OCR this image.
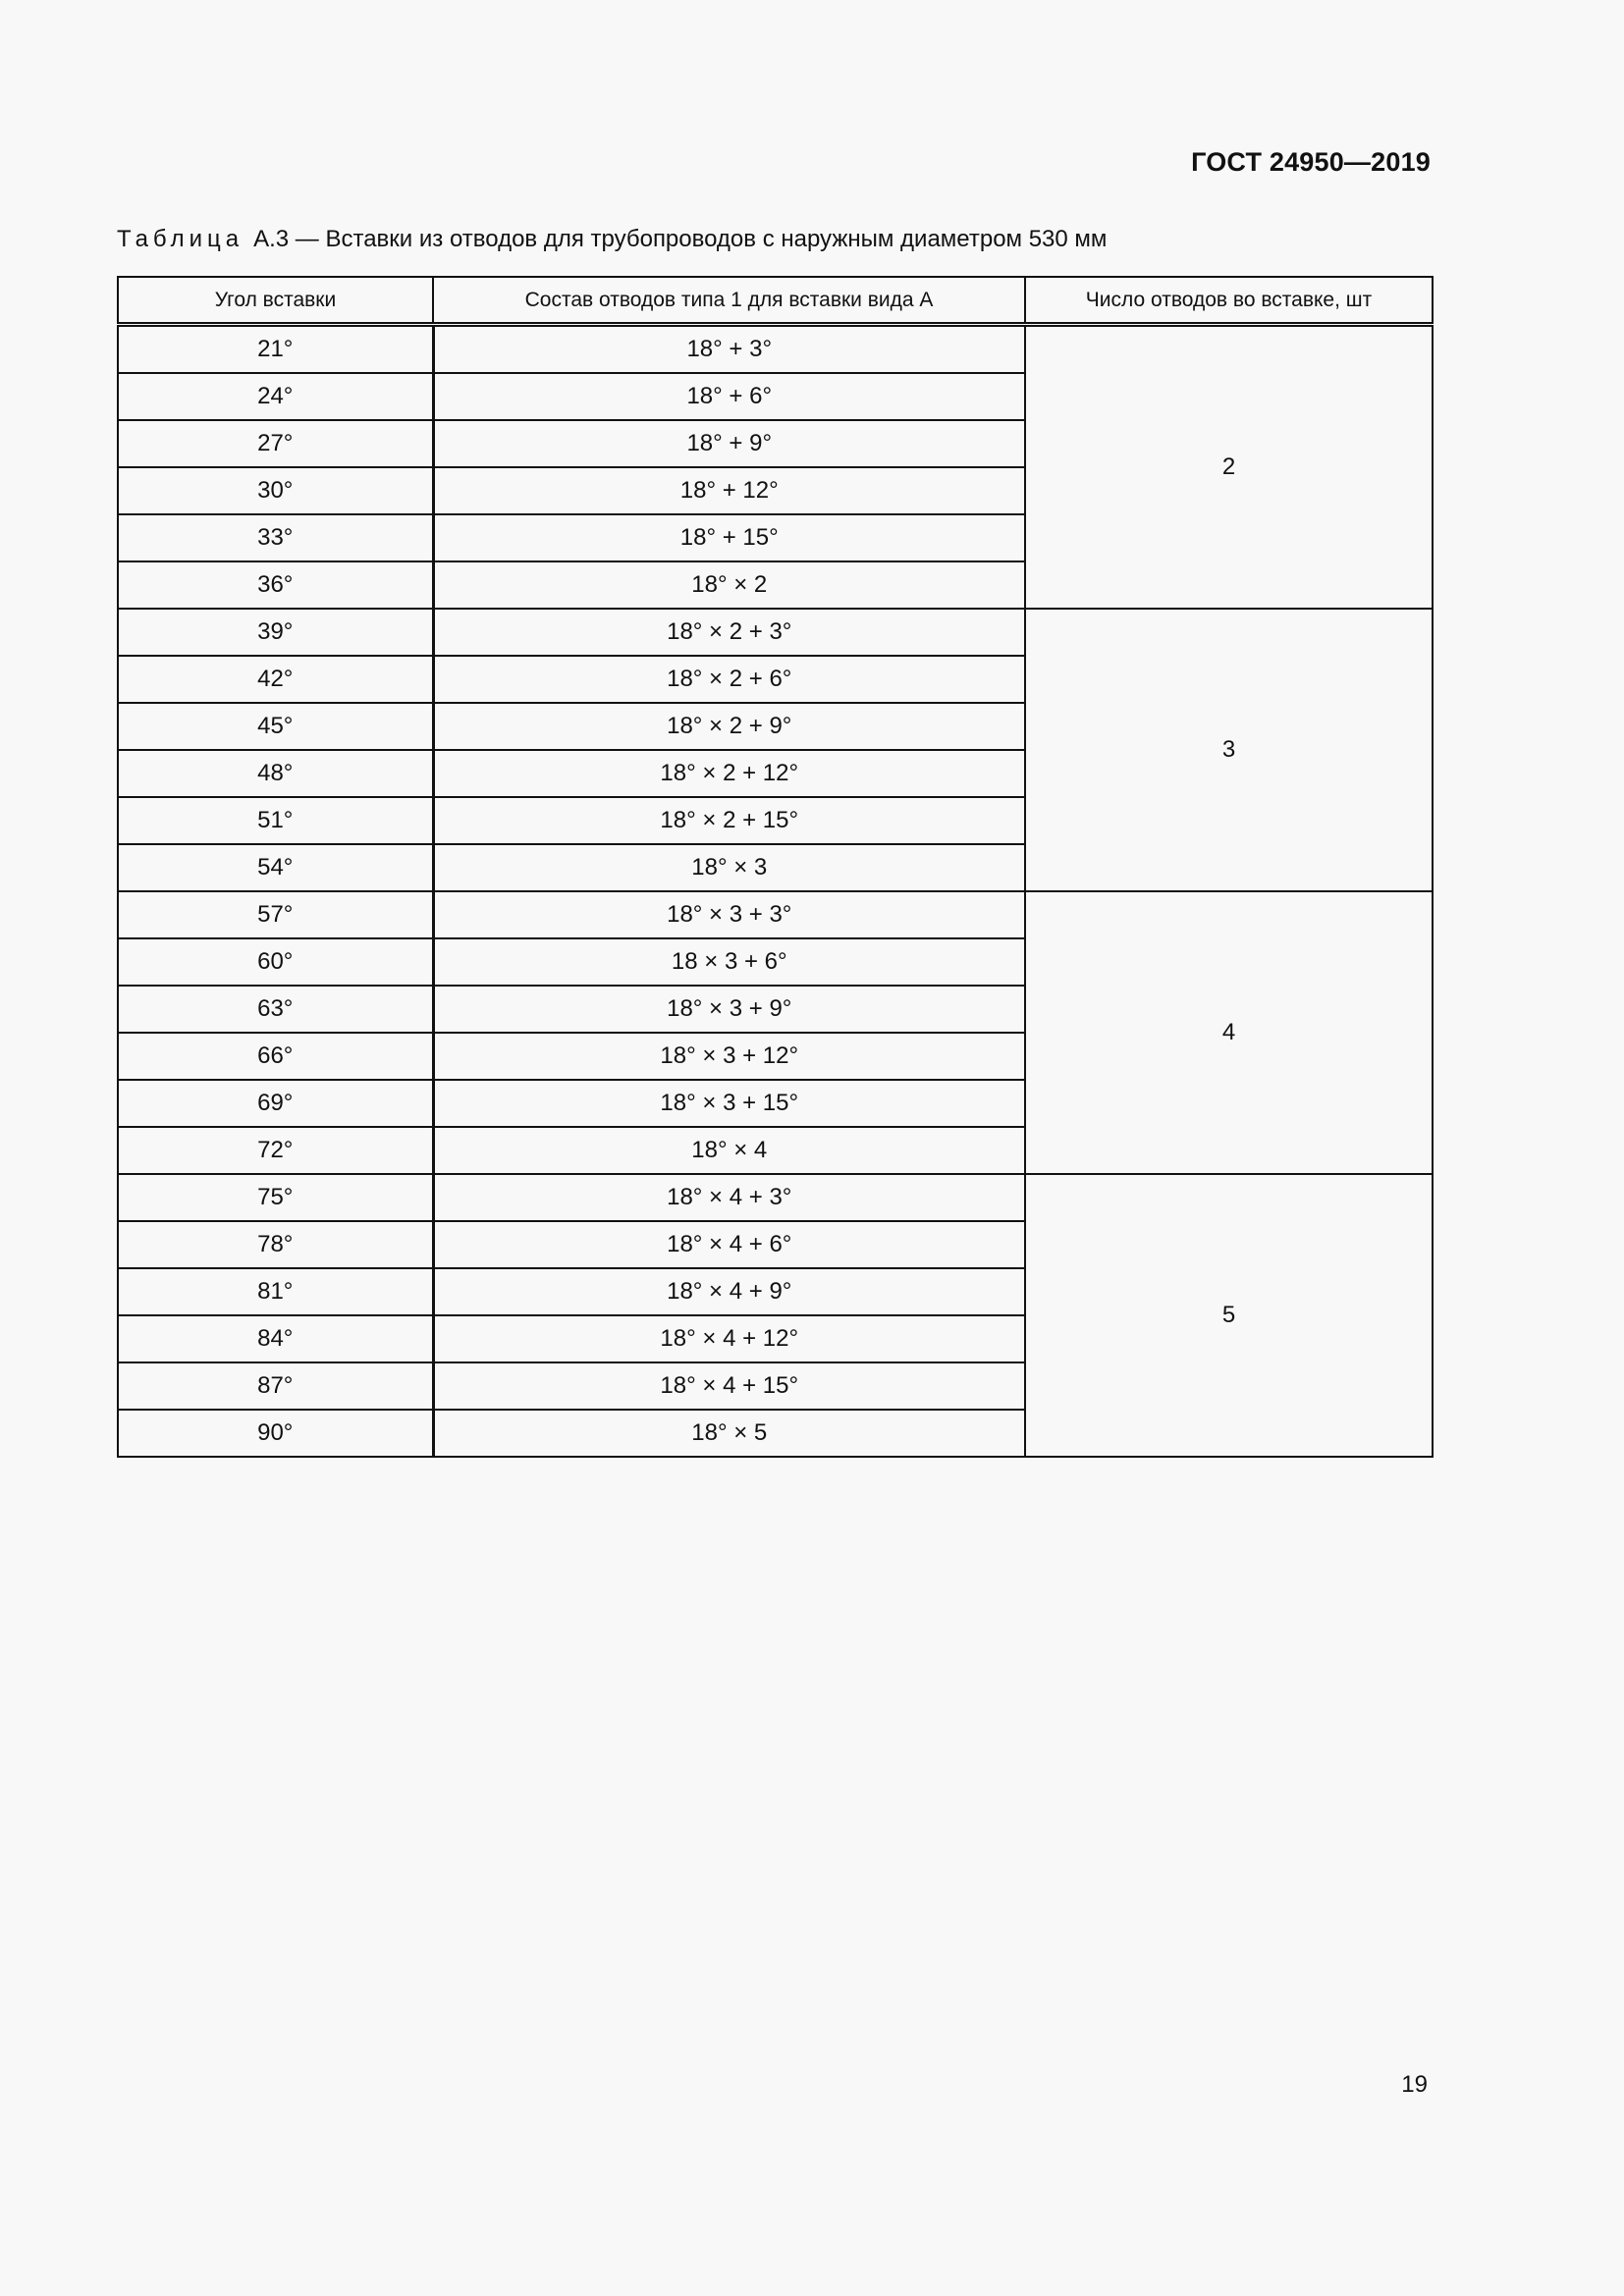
ГОСТ 24950—2019
Таблица А.3 — Вставки из отводов для трубопроводов с наружным диаметром 530 мм
Угол вставки	Состав отводов типа 1 для вставки вида А	Число отводов во вставке, шт
21°	18° + 3°	2
24°	18° + 6°	
27°	18° + 9°	
30°	18° + 12°	
33°	18° + 15°	
36°	18° × 2	
39°	18° × 2 + 3°	3
42°	18° × 2 + 6°	
45°	18° × 2 + 9°	
48°	18° × 2 + 12°	
51°	18° × 2 + 15°	
54°	18° × 3	
57°	18° × 3 + 3°	4
60°	18 × 3 + 6°	
63°	18° × 3 + 9°	
66°	18° × 3 + 12°	
69°	18° × 3 + 15°	
72°	18° × 4	
75°	18° × 4 + 3°	5
78°	18° × 4 + 6°	
81°	18° × 4 + 9°	
84°	18° × 4 + 12°	
87°	18° × 4 + 15°	
90°	18° × 5	
19
